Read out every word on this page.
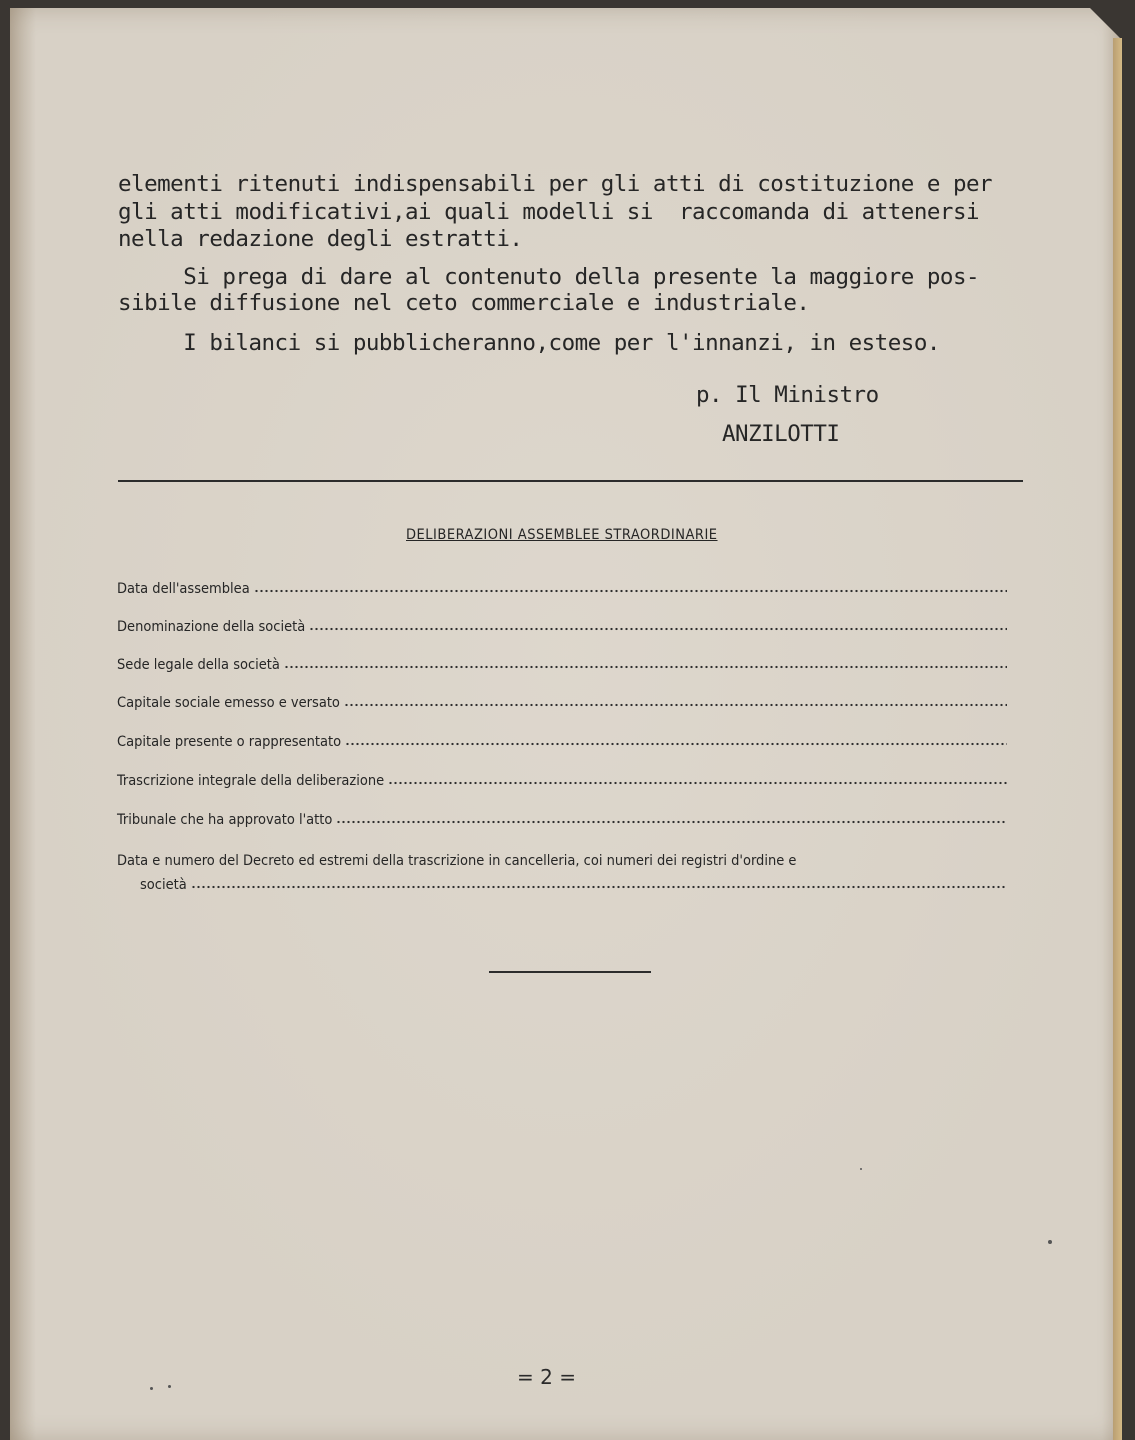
elementi ritenuti indispensabili per gli atti di costituzione e per
gli atti modificativi,ai quali modelli si  raccomanda di attenersi
nella redazione degli estratti.
Si prega di dare al contenuto della presente la maggiore pos-
sibile diffusione nel ceto commerciale e industriale.
I bilanci si pubblicheranno,come per l'innanzi, in esteso.
p. Il Ministro
ANZILOTTI
DELIBERAZIONI ASSEMBLEE STRAORDINARIE
Data dell'assemblea
Denominazione della società
Sede legale della società
Capitale sociale emesso e versato
Capitale presente o rappresentato
Trascrizione integrale della deliberazione
Tribunale che ha approvato l'atto
Data e numero del Decreto ed estremi della trascrizione in cancelleria, coi numeri dei registri d'ordine e
società
= 2 =
